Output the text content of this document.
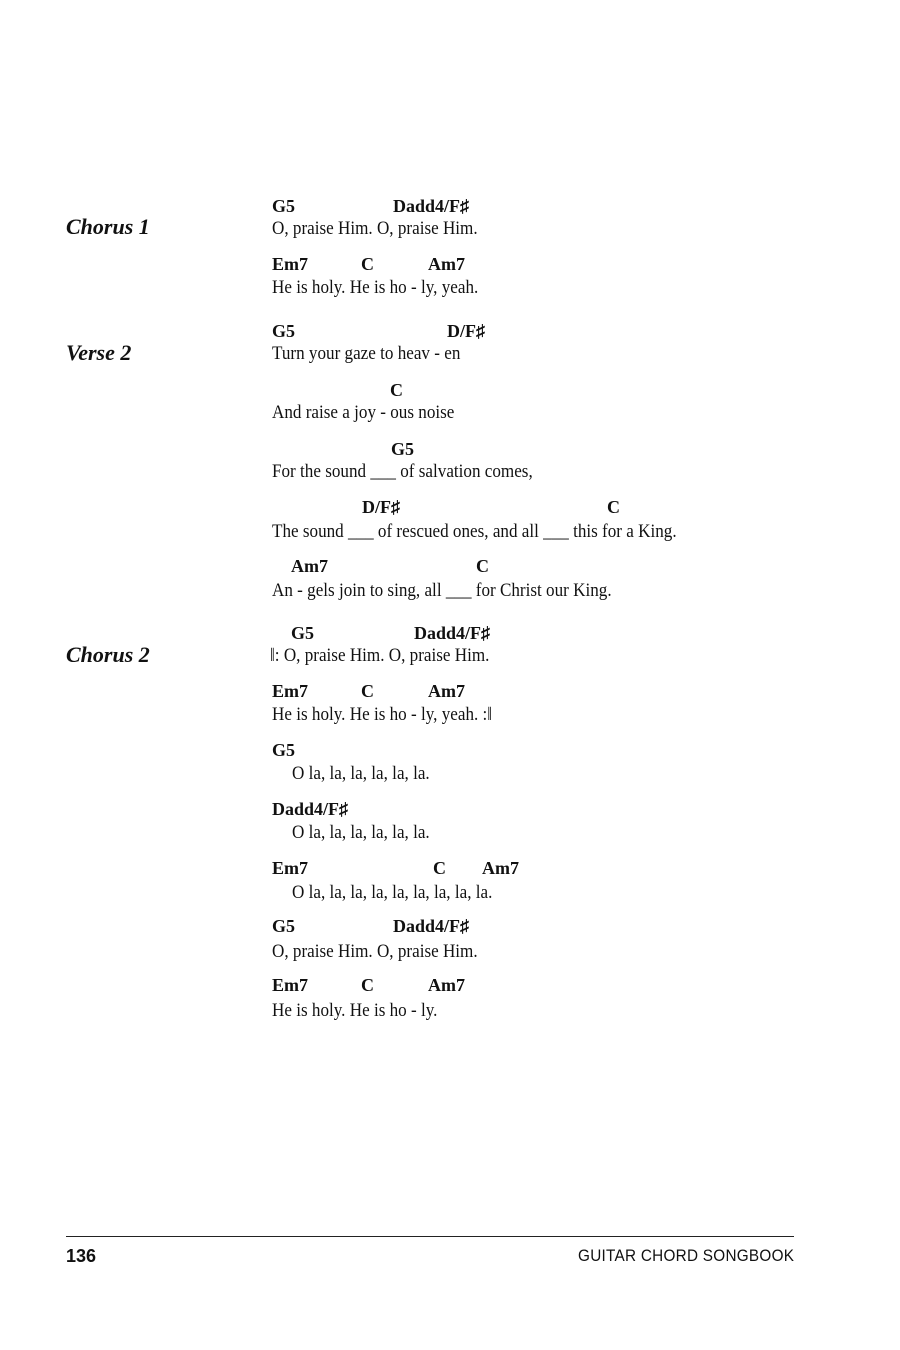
Chorus 1
G5	Dadd4/F♯
O, praise Him. O, praise Him.
Em7	C	Am7
He is holy. He is ho - ly, yeah.
Verse 2
G5	D/F♯
Turn your gaze to heav - en
C
And raise a joy - ous noise
G5
For the sound ___ of salvation comes,
D/F♯	C
The sound ___ of rescued ones, and all ___ this for a King.
Am7	C
An - gels join to sing, all ___ for Christ our King.
Chorus 2
G5	Dadd4/F♯
‖: O, praise Him. O, praise Him.
Em7	C	Am7
He is holy. He is ho - ly, yeah. :‖
G5
O la, la, la, la, la, la.
Dadd4/F♯
O la, la, la, la, la, la.
Em7	C Am7
O la, la, la, la, la, la, la, la, la.
G5	Dadd4/F♯
O, praise Him. O, praise Him.
Em7	C	Am7
He is holy. He is ho - ly.
136	GUITAR CHORD SONGBOOK
